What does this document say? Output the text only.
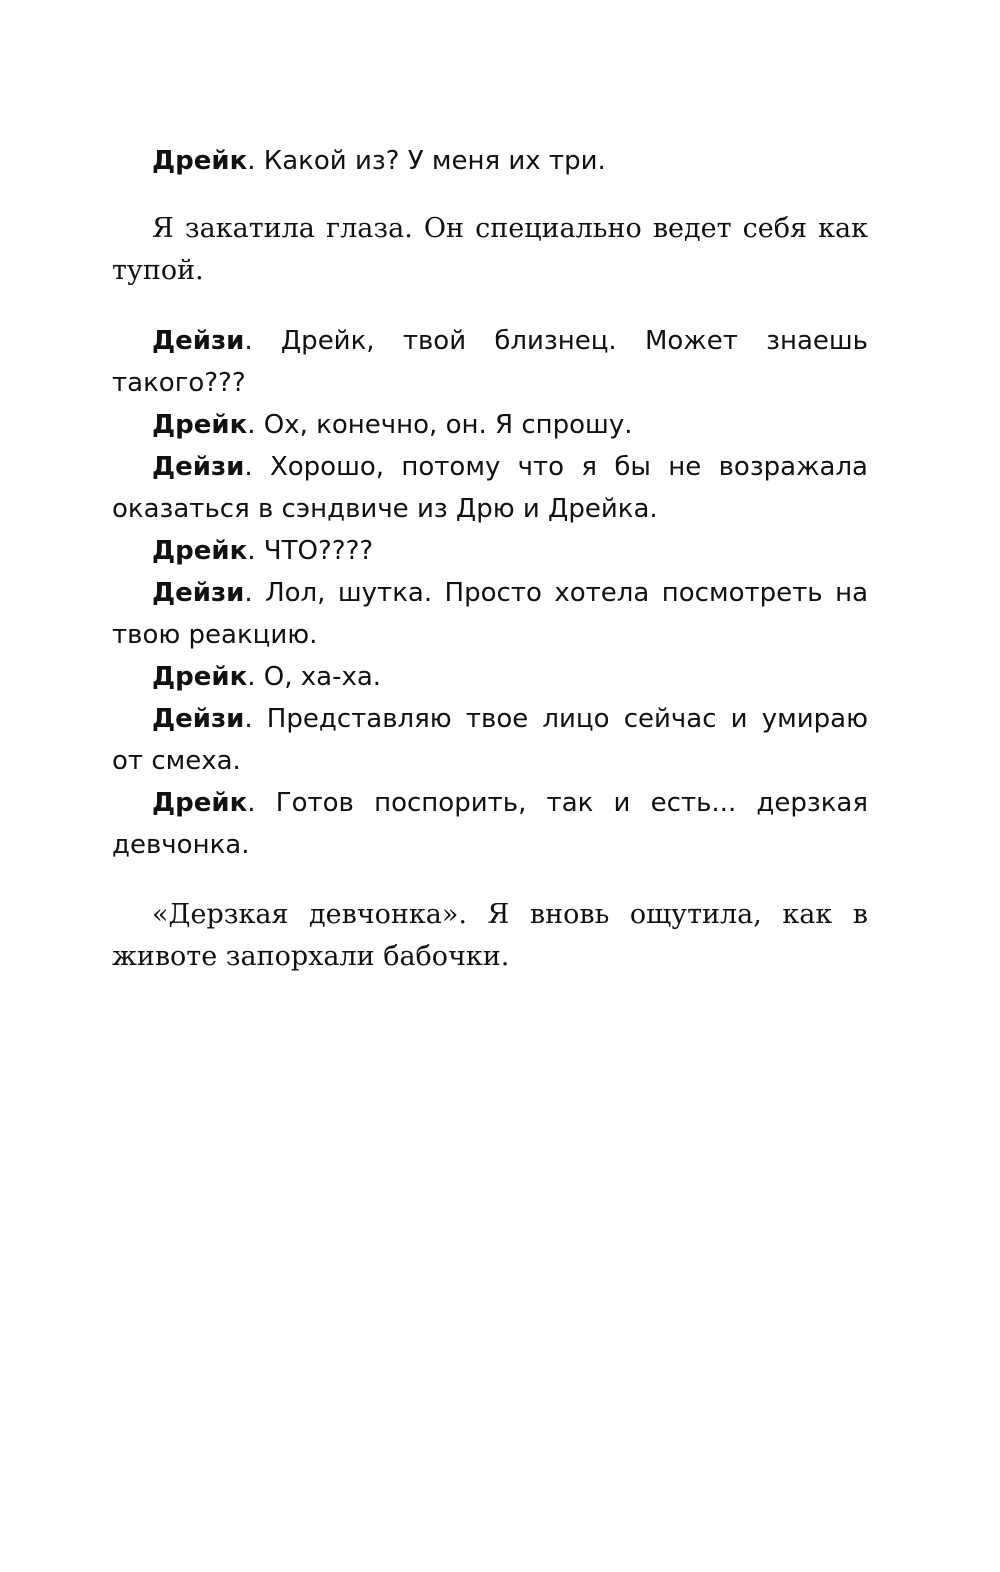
Дрейк. Какой из? У меня их три.

Я закатила глаза. Он специально ведет себя как тупой.

Дейзи. Дрейк, твой близнец. Может знаешь такого???

Дрейк. Ох, конечно, он. Я спрошу.

Дейзи. Хорошо, потому что я бы не возражала оказаться в сэндвиче из Дрю и Дрейка.

Дрейк. ЧТО????

Дейзи. Лол, шутка. Просто хотела посмотреть на твою реакцию.

Дрейк. О, ха-ха.

Дейзи. Представляю твое лицо сейчас и умираю от смеха.

Дрейк. Готов поспорить, так и есть... дерзкая девчонка.

«Дерзкая девчонка». Я вновь ощутила, как в животе запорхали бабочки.
